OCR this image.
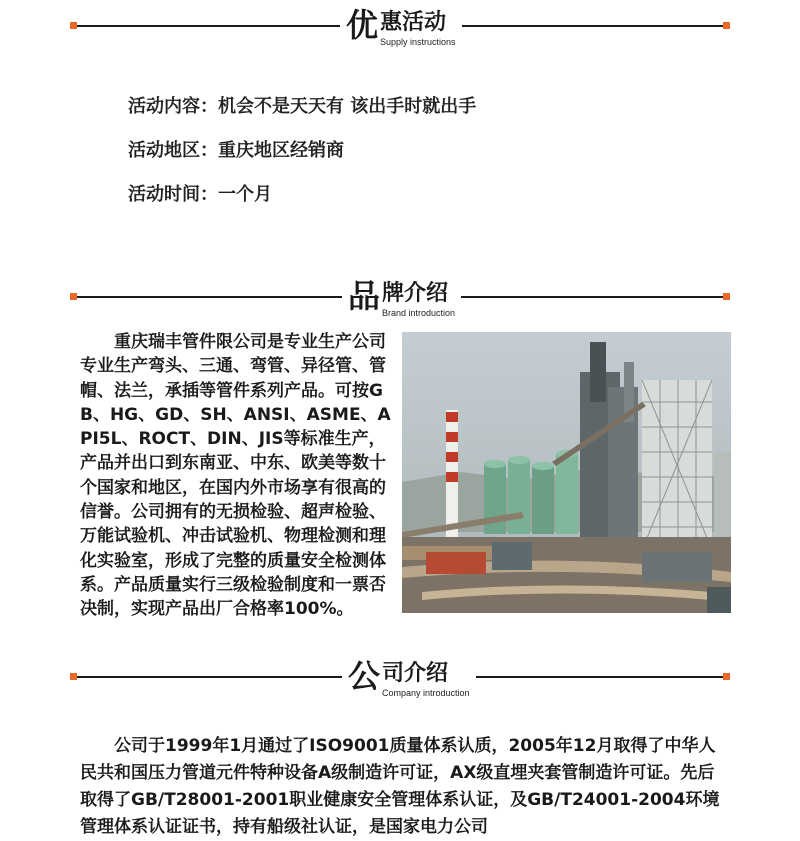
优 惠活动
Supply instructions
活动内容：机会不是天天有 该出手时就出手
活动地区：重庆地区经销商
活动时间：一个月
品 牌介绍
Brand introduction
重庆瑞丰管件限公司是专业生产公司专业生产弯头、三通、弯管、异径管、管帽、法兰，承插等管件系列产品。可按GB、HG、GD、SH、ANSI、ASME、API5L、ROCT、DIN、JIS等标准生产，产品并出口到东南亚、中东、欧美等数十个国家和地区，在国内外市场享有很高的信誉。公司拥有的无损检验、超声检验、万能试验机、冲击试验机、物理检测和理化实验室，形成了完整的质量安全检测体系。产品质量实行三级检验制度和一票否决制，实现产品出厂合格率100%。
公 司介绍
Company introduction
公司于1999年1月通过了ISO9001质量体系认质，2005年12月取得了中华人民共和国压力管道元件特种设备A级制造许可证，AX级直埋夹套管制造许可证。先后取得了GB/T28001-2001职业健康安全管理体系认证，及GB/T24001-2004环境管理体系认证证书，持有船级社认证，是国家电力公司
